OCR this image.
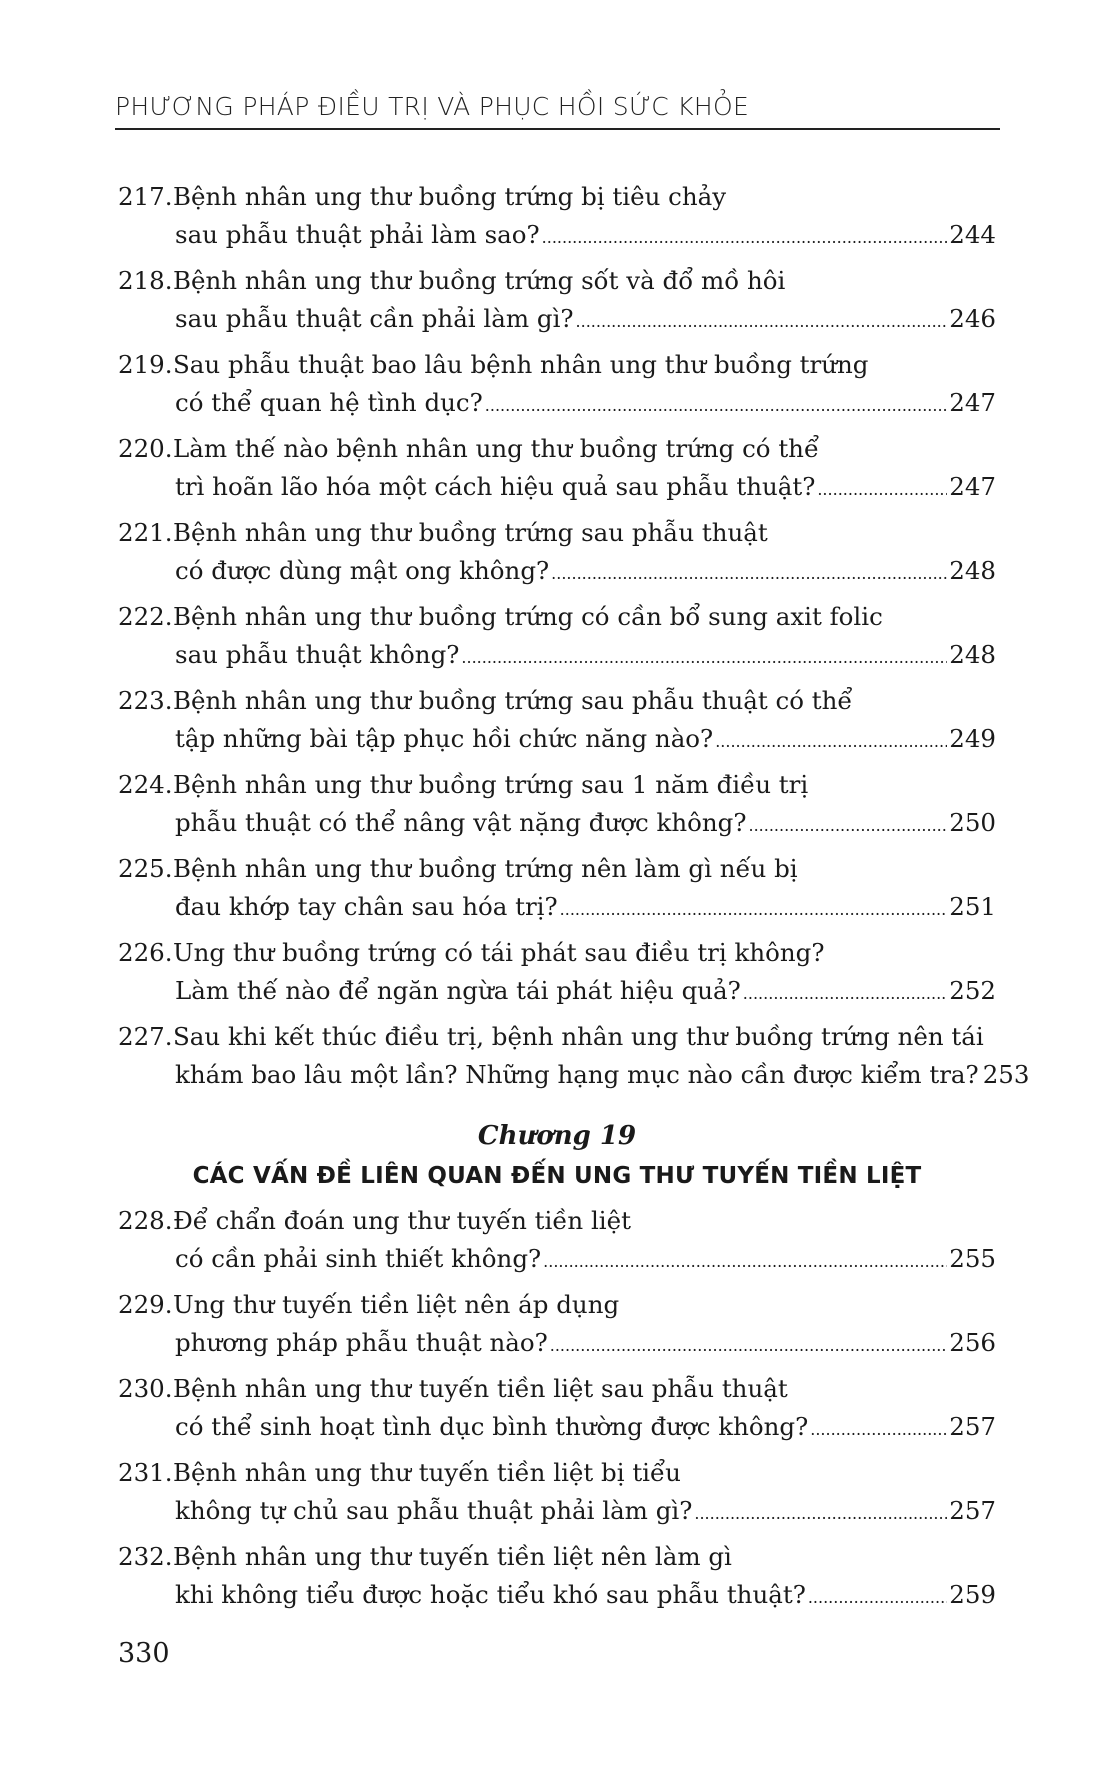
PHƯƠNG PHÁP ĐIỀU TRỊ VÀ PHỤC HỒI SỨC KHỎE
217. Bệnh nhân ung thư buồng trứng bị tiêu chảy
sau phẫu thuật phải làm sao? .....	244
218. Bệnh nhân ung thư buồng trứng sốt và đổ mồ hôi
sau phẫu thuật cần phải làm gì? .....	246
219. Sau phẫu thuật bao lâu bệnh nhân ung thư buồng trứng
có thể quan hệ tình dục? .....	247
220. Làm thế nào bệnh nhân ung thư buồng trứng có thể
trì hoãn lão hóa một cách hiệu quả sau phẫu thuật? .....	247
221. Bệnh nhân ung thư buồng trứng sau phẫu thuật
có được dùng mật ong không? .....	248
222. Bệnh nhân ung thư buồng trứng có cần bổ sung axit folic
sau phẫu thuật không? .....	248
223. Bệnh nhân ung thư buồng trứng sau phẫu thuật có thể
tập những bài tập phục hồi chức năng nào? .....	249
224. Bệnh nhân ung thư buồng trứng sau 1 năm điều trị
phẫu thuật có thể nâng vật nặng được không? .....	250
225. Bệnh nhân ung thư buồng trứng nên làm gì nếu bị
đau khớp tay chân sau hóa trị? .....	251
226. Ung thư buồng trứng có tái phát sau điều trị không?
Làm thế nào để ngăn ngừa tái phát hiệu quả? .....	252
227. Sau khi kết thúc điều trị, bệnh nhân ung thư buồng trứng nên tái
khám bao lâu một lần? Những hạng mục nào cần được kiểm tra? 253
Chương 19
CÁC VẤN ĐỀ LIÊN QUAN ĐẾN UNG THƯ TUYẾN TIỀN LIỆT
228. Để chẩn đoán ung thư tuyến tiền liệt
có cần phải sinh thiết không? .....	255
229. Ung thư tuyến tiền liệt nên áp dụng
phương pháp phẫu thuật nào? .....	256
230. Bệnh nhân ung thư tuyến tiền liệt sau phẫu thuật
có thể sinh hoạt tình dục bình thường được không? .....	257
231. Bệnh nhân ung thư tuyến tiền liệt bị tiểu
không tự chủ sau phẫu thuật phải làm gì? .....	257
232. Bệnh nhân ung thư tuyến tiền liệt nên làm gì
khi không tiểu được hoặc tiểu khó sau phẫu thuật? .....	259
330
